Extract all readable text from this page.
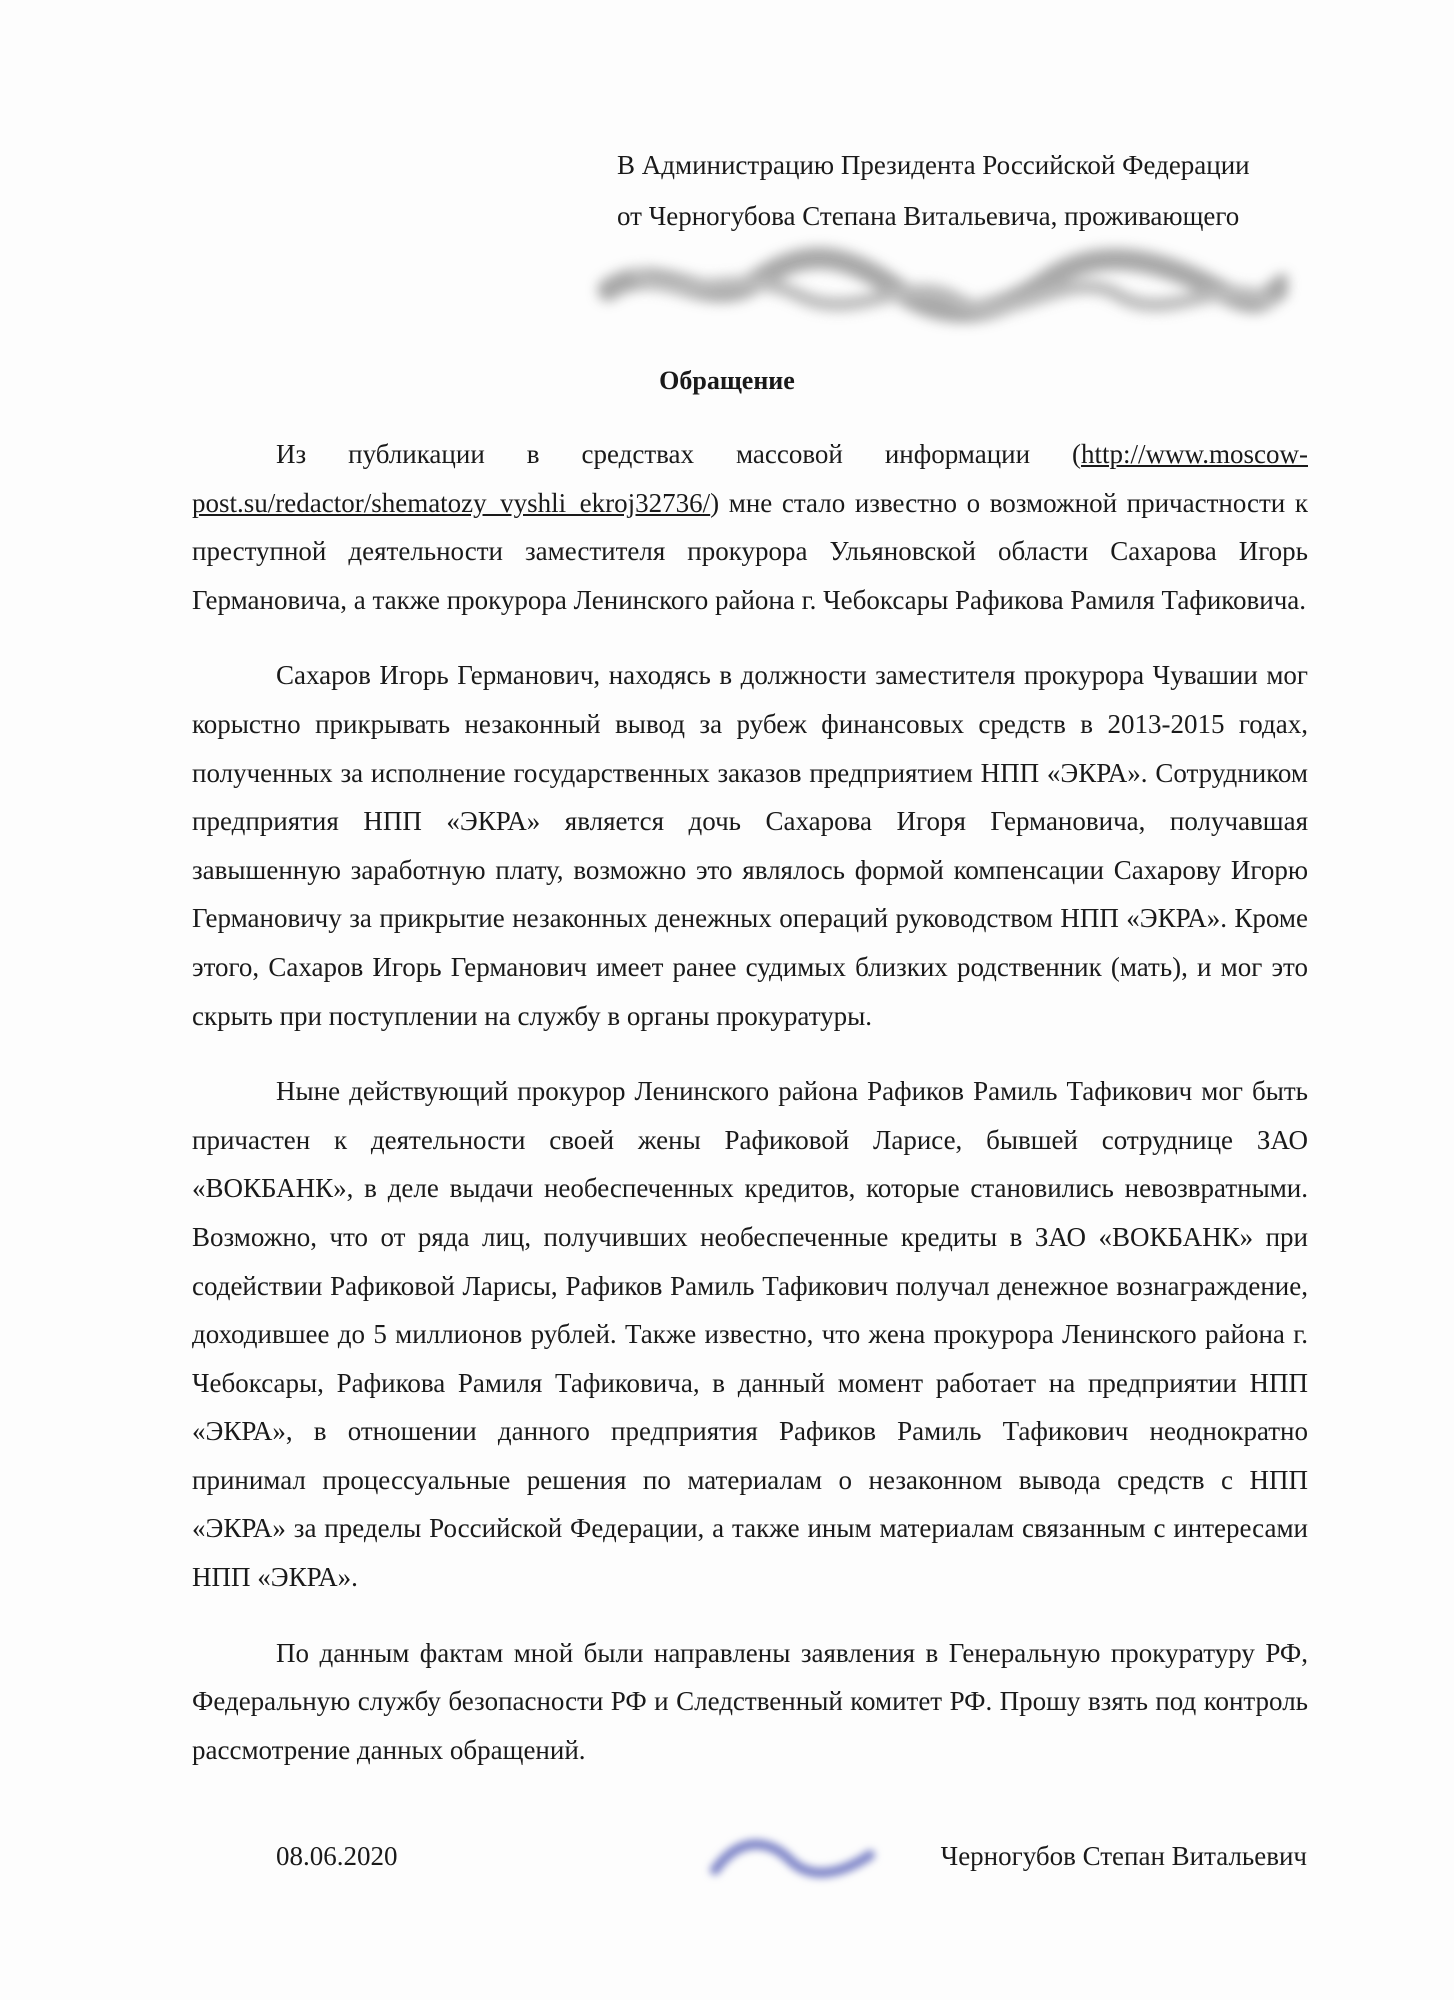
В Администрацию Президента Российской Федерации
от Черногубова Степана Витальевича, проживающего
Обращение

Из публикации в средствах массовой информации (http://www.moscow-post.su/redactor/shematozy_vyshli_ekroj32736/) мне стало известно о возможной причастности к преступной деятельности заместителя прокурора Ульяновской области Сахарова Игорь Германовича, а также прокурора Ленинского района г. Чебоксары Рафикова Рамиля Тафиковича.

Сахаров Игорь Германович, находясь в должности заместителя прокурора Чувашии мог корыстно прикрывать незаконный вывод за рубеж финансовых средств в 2013-2015 годах, полученных за исполнение государственных заказов предприятием НПП «ЭКРА». Сотрудником предприятия НПП «ЭКРА» является дочь Сахарова Игоря Германовича, получавшая завышенную заработную плату, возможно это являлось формой компенсации Сахарову Игорю Германовичу за прикрытие незаконных денежных операций руководством НПП «ЭКРА». Кроме этого, Сахаров Игорь Германович имеет ранее судимых близких родственник (мать), и мог это скрыть при поступлении на службу в органы прокуратуры.

Ныне действующий прокурор Ленинского района Рафиков Рамиль Тафикович мог быть причастен к деятельности своей жены Рафиковой Ларисе, бывшей сотруднице ЗАО «ВОКБАНК», в деле выдачи необеспеченных кредитов, которые становились невозвратными. Возможно, что от ряда лиц, получивших необеспеченные кредиты в ЗАО «ВОКБАНК» при содействии Рафиковой Ларисы, Рафиков Рамиль Тафикович получал денежное вознаграждение, доходившее до 5 миллионов рублей. Также известно, что жена прокурора Ленинского района г. Чебоксары, Рафикова Рамиля Тафиковича, в данный момент работает на предприятии НПП «ЭКРА», в отношении данного предприятия Рафиков Рамиль Тафикович неоднократно принимал процессуальные решения по материалам о незаконном вывода средств с НПП «ЭКРА» за пределы Российской Федерации, а также иным материалам связанным с интересами НПП «ЭКРА».

По данным фактам мной были направлены заявления в Генеральную прокуратуру РФ, Федеральную службу безопасности РФ и Следственный комитет РФ. Прошу взять под контроль рассмотрение данных обращений.

08.06.2020	Черногубов Степан Витальевич
